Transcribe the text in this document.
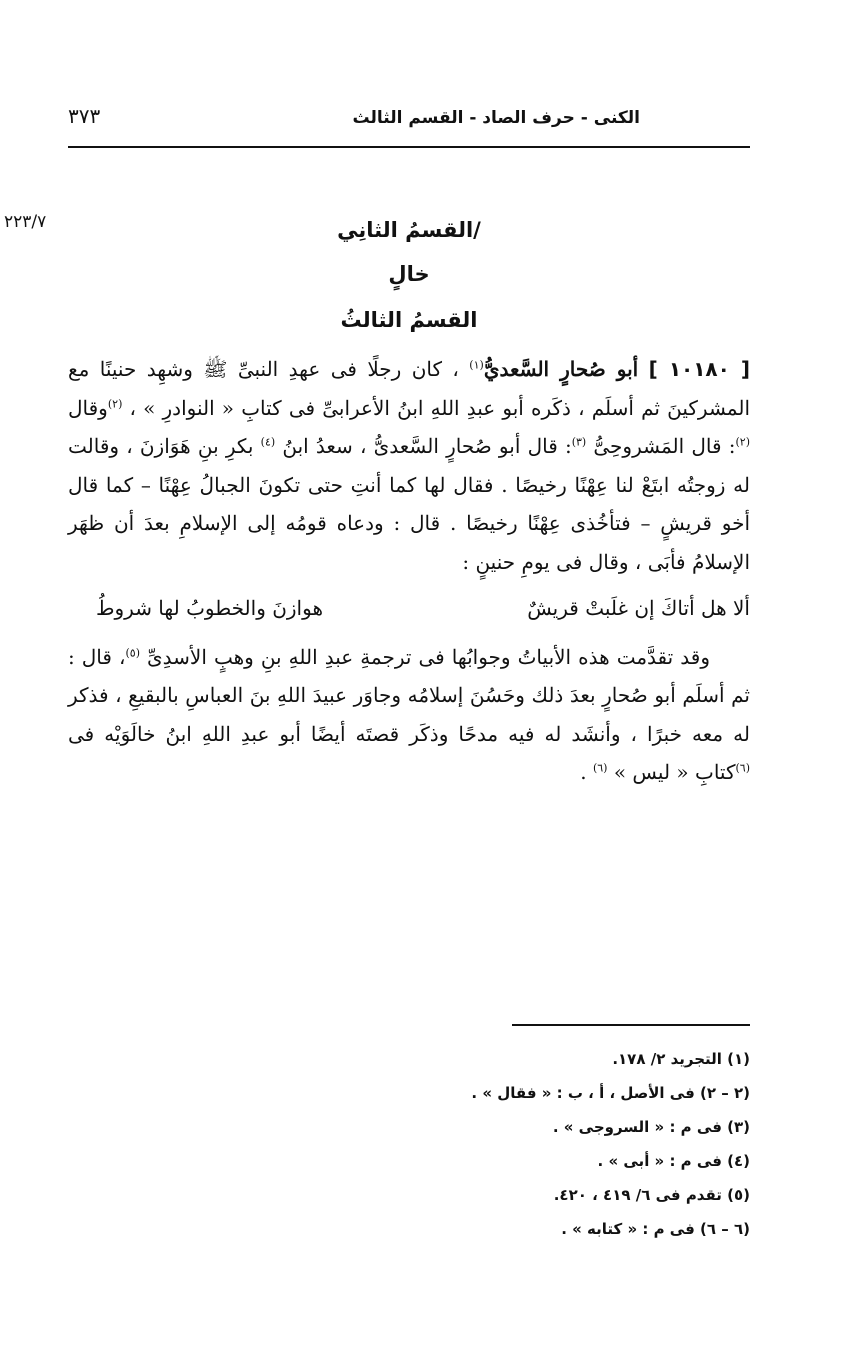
الكنى - حرف الصاد - القسم الثالث
٣٧٣
٢٢٣/٧	/القسمُ الثانِي
خالٍ
القسمُ الثالثُ

[ ١٠١٨٠ ] أبو صُحارٍ السَّعديُّ$^{(١)}$ ، كان رجلًا فى عهدِ النبىِّ ﷺ وشهِد حنينًا مع المشركينَ ثم أسلَم ، ذكَره أبو عبدِ اللهِ ابنُ الأعرابىِّ فى كتابِ « النوادرِ » ، $^{(٢)}$وقال $^{(٢)}$: قال المَشروحِىُّ $^{(٣)}$: قال أبو صُحارٍ السَّعدىُّ ، سعدُ ابنُ $^{(٤)}$ بكرِ بنِ هَوَازنَ ، وقالت له زوجتُه ابتَعْ لنا عِهْنًا رخيصًا . فقال لها كما أنتِ حتى تكونَ الجبالُ عِهْنًا – كما قال أخو قريشٍ – فتأخُذى عِهْنًا رخيصًا . قال : ودعاه قومُه إلى الإسلامِ بعدَ أن ظهَر الإسلامُ فأبَى ، وقال فى يومِ حنينٍ :

ألا هل أتاكَ إن غلَبتْ قريشٌ
هوازنَ والخطوبُ لها شروطُ

وقد تقدَّمت هذه الأبياتُ وجوابُها فى ترجمةِ عبدِ اللهِ بنِ وهبٍ الأسدِىِّ $^{(٥)}$، قال : ثم أسلَم أبو صُحارٍ بعدَ ذلك وحَسُنَ إسلامُه وجاوَر عبيدَ اللهِ بنَ العباسِ بالبقيعِ ، فذكر له معه خبرًا ، وأنشَد له فيه مدحًا وذكَر قصتَه أيضًا أبو عبدِ اللهِ ابنُ خالَوَيْه فى $^{(٦)}$كتابِ « ليس » $^{(٦)}$ .

(١) التجريد ٢/ ١٧٨.
(٢ – ٢) فى الأصل ، أ ، ب : « فقال » .
(٣) فى م : « السروجى » .
(٤) فى م : « أبى » .
(٥) تقدم فى ٦/ ٤١٩ ، ٤٢٠.
(٦ – ٦) فى م : « كتابه » .
